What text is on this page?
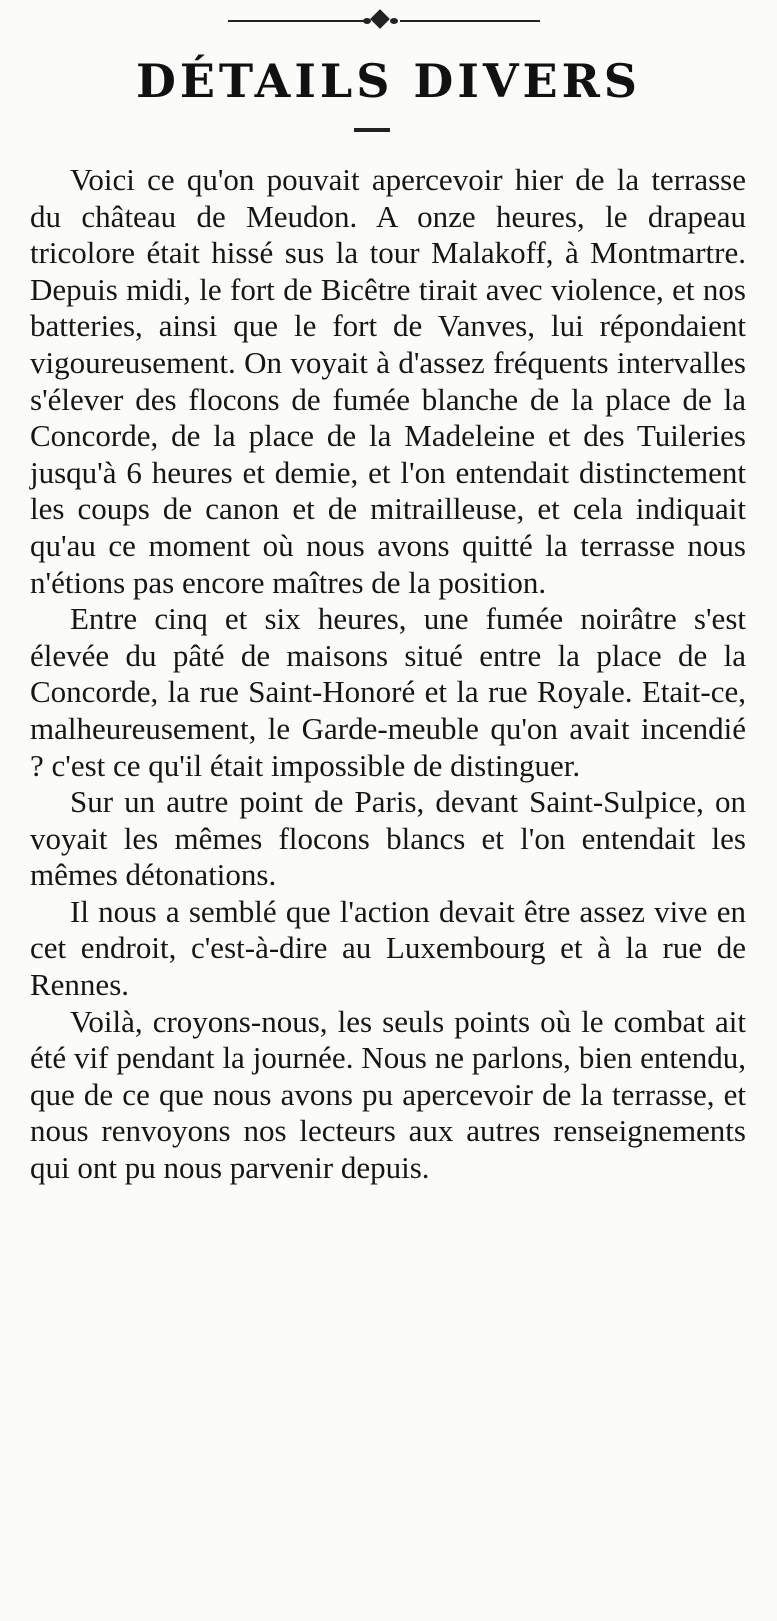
DÉTAILS DIVERS

Voici ce qu'on pouvait apercevoir hier de la terrasse du château de Meudon. A onze heures, le drapeau tricolore était hissé sus la tour Malakoff, à Montmartre. Depuis midi, le fort de Bicêtre tirait avec violence, et nos batteries, ainsi que le fort de Vanves, lui répondaient vigoureusement. On voyait à d'assez fréquents intervalles s'élever des flocons de fumée blanche de la place de la Concorde, de la place de la Madeleine et des Tuileries jusqu'à 6 heures et demie, et l'on entendait distinctement les coups de canon et de mitrailleuse, et cela indiquait qu'au ce moment où nous avons quitté la terrasse nous n'étions pas encore maîtres de la position.

Entre cinq et six heures, une fumée noirâtre s'est élevée du pâté de maisons situé entre la place de la Concorde, la rue Saint-Honoré et la rue Royale. Etait-ce, malheureusement, le Garde-meuble qu'on avait incendié ? c'est ce qu'il était impossible de distinguer.

Sur un autre point de Paris, devant Saint-Sulpice, on voyait les mêmes flocons blancs et l'on entendait les mêmes détonations.

Il nous a semblé que l'action devait être assez vive en cet endroit, c'est-à-dire au Luxembourg et à la rue de Rennes.

Voilà, croyons-nous, les seuls points où le combat ait été vif pendant la journée. Nous ne parlons, bien entendu, que de ce que nous avons pu apercevoir de la terrasse, et nous renvoyons nos lecteurs aux autres renseignements qui ont pu nous parvenir depuis.
